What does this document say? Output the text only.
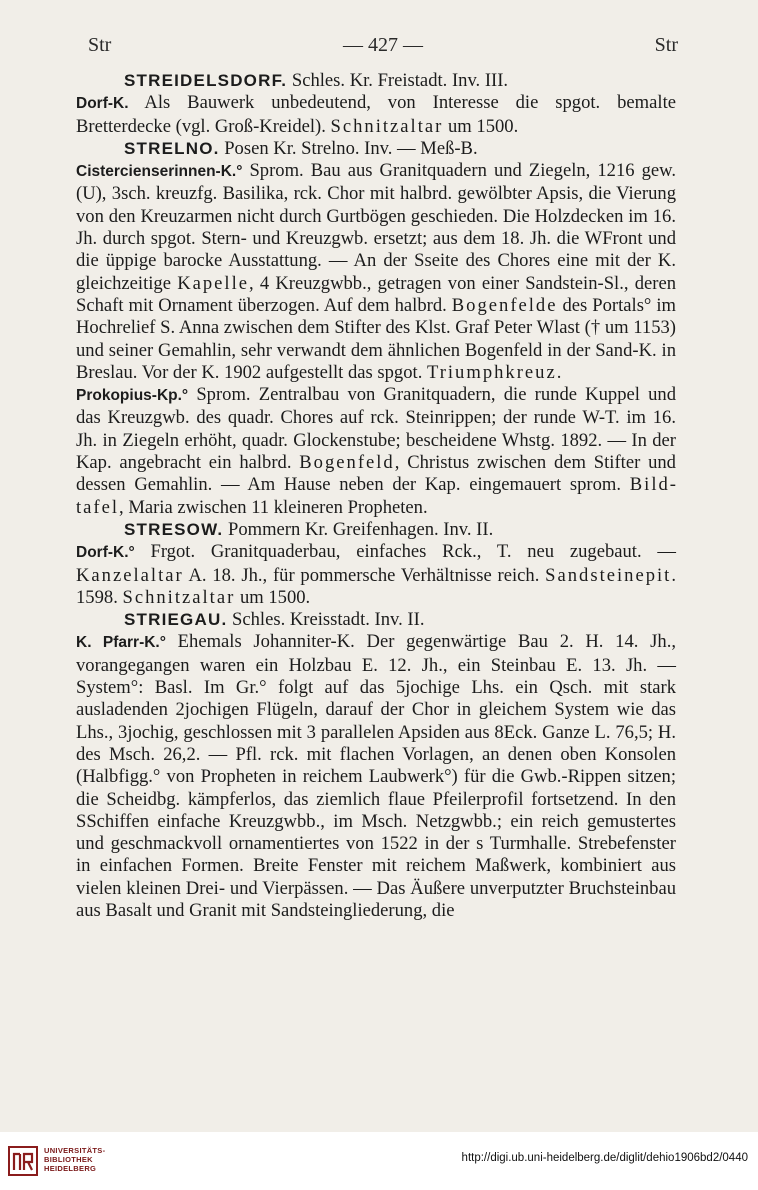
Str	— 427 —	Str

STREIDELSDORF. Schles. Kr. Freistadt. Inv. III.

Dorf-K. Als Bauwerk unbedeutend, von Interesse die spgot. bemalte Bretterdecke (vgl. Groß-Kreidel). Schnitzaltar um 1500.

STRELNO. Posen Kr. Strelno. Inv. — Meß-B.

Cistercienserinnen-K.° Sprom. Bau aus Granitquadern und Ziegeln, 1216 gew. (U), 3sch. kreuzfg. Basilika, rck. Chor mit halbrd. gewölbter Apsis, die Vierung von den Kreuzarmen nicht durch Gurtbögen geschieden. Die Holzdecken im 16. Jh. durch spgot. Stern- und Kreuzgwb. ersetzt; aus dem 18. Jh. die WFront und die üppige barocke Ausstattung. — An der Sseite des Chores eine mit der K. gleichzeitige Kapelle, 4 Kreuzgwbb., getragen von einer Sandstein-Sl., deren Schaft mit Ornament überzogen. Auf dem halbrd. Bogenfelde des Portals° im Hochrelief S. Anna zwischen dem Stifter des Klst. Graf Peter Wlast († um 1153) und seiner Gemahlin, sehr verwandt dem ähnlichen Bogenfeld in der Sand-K. in Breslau. Vor der K. 1902 aufgestellt das spgot. Triumphkreuz.

Prokopius-Kp.° Sprom. Zentralbau von Granitquadern, die runde Kuppel und das Kreuzgwb. des quadr. Chores auf rck. Steinrippen; der runde W-T. im 16. Jh. in Ziegeln erhöht, quadr. Glockenstube; bescheidene Whstg. 1892. — In der Kap. angebracht ein halbrd. Bogenfeld, Christus zwischen dem Stifter und dessen Gemahlin. — Am Hause neben der Kap. eingemauert sprom. Bildtafel, Maria zwischen 11 kleineren Propheten.

STRESOW. Pommern Kr. Greifenhagen. Inv. II.

Dorf-K.° Frgot. Granitquaderbau, einfaches Rck., T. neu zugebaut. — Kanzelaltar A. 18. Jh., für pommersche Verhältnisse reich. Sandsteinepit. 1598. Schnitzaltar um 1500.

STRIEGAU. Schles. Kreisstadt. Inv. II.

K. Pfarr-K.° Ehemals Johanniter-K. Der gegenwärtige Bau 2. H. 14. Jh., vorangegangen waren ein Holzbau E. 12. Jh., ein Steinbau E. 13. Jh. — System°: Basl. Im Gr.° folgt auf das 5jochige Lhs. ein Qsch. mit stark ausladenden 2jochigen Flügeln, darauf der Chor in gleichem System wie das Lhs., 3jochig, geschlossen mit 3 parallelen Apsiden aus 8Eck. Ganze L. 76,5; H. des Msch. 26,2. — Pfl. rck. mit flachen Vorlagen, an denen oben Konsolen (Halbfigg.° von Propheten in reichem Laubwerk°) für die Gwb.-Rippen sitzen; die Scheidbg. kämpferlos, das ziemlich flaue Pfeilerprofil fortsetzend. In den SSchiffen einfache Kreuzgwbb., im Msch. Netzgwbb.; ein reich gemustertes und geschmackvoll ornamentiertes von 1522 in der s Turmhalle. Strebefenster in einfachen Formen. Breite Fenster mit reichem Maßwerk, kombiniert aus vielen kleinen Drei- und Vierpässen. — Das Äußere unverputzter Bruchsteinbau aus Basalt und Granit mit Sandsteingliederung, die

UNIVERSITÄTS-
BIBLIOTHEK
HEIDELBERG
http://digi.ub.uni-heidelberg.de/diglit/dehio1906bd2/0440
